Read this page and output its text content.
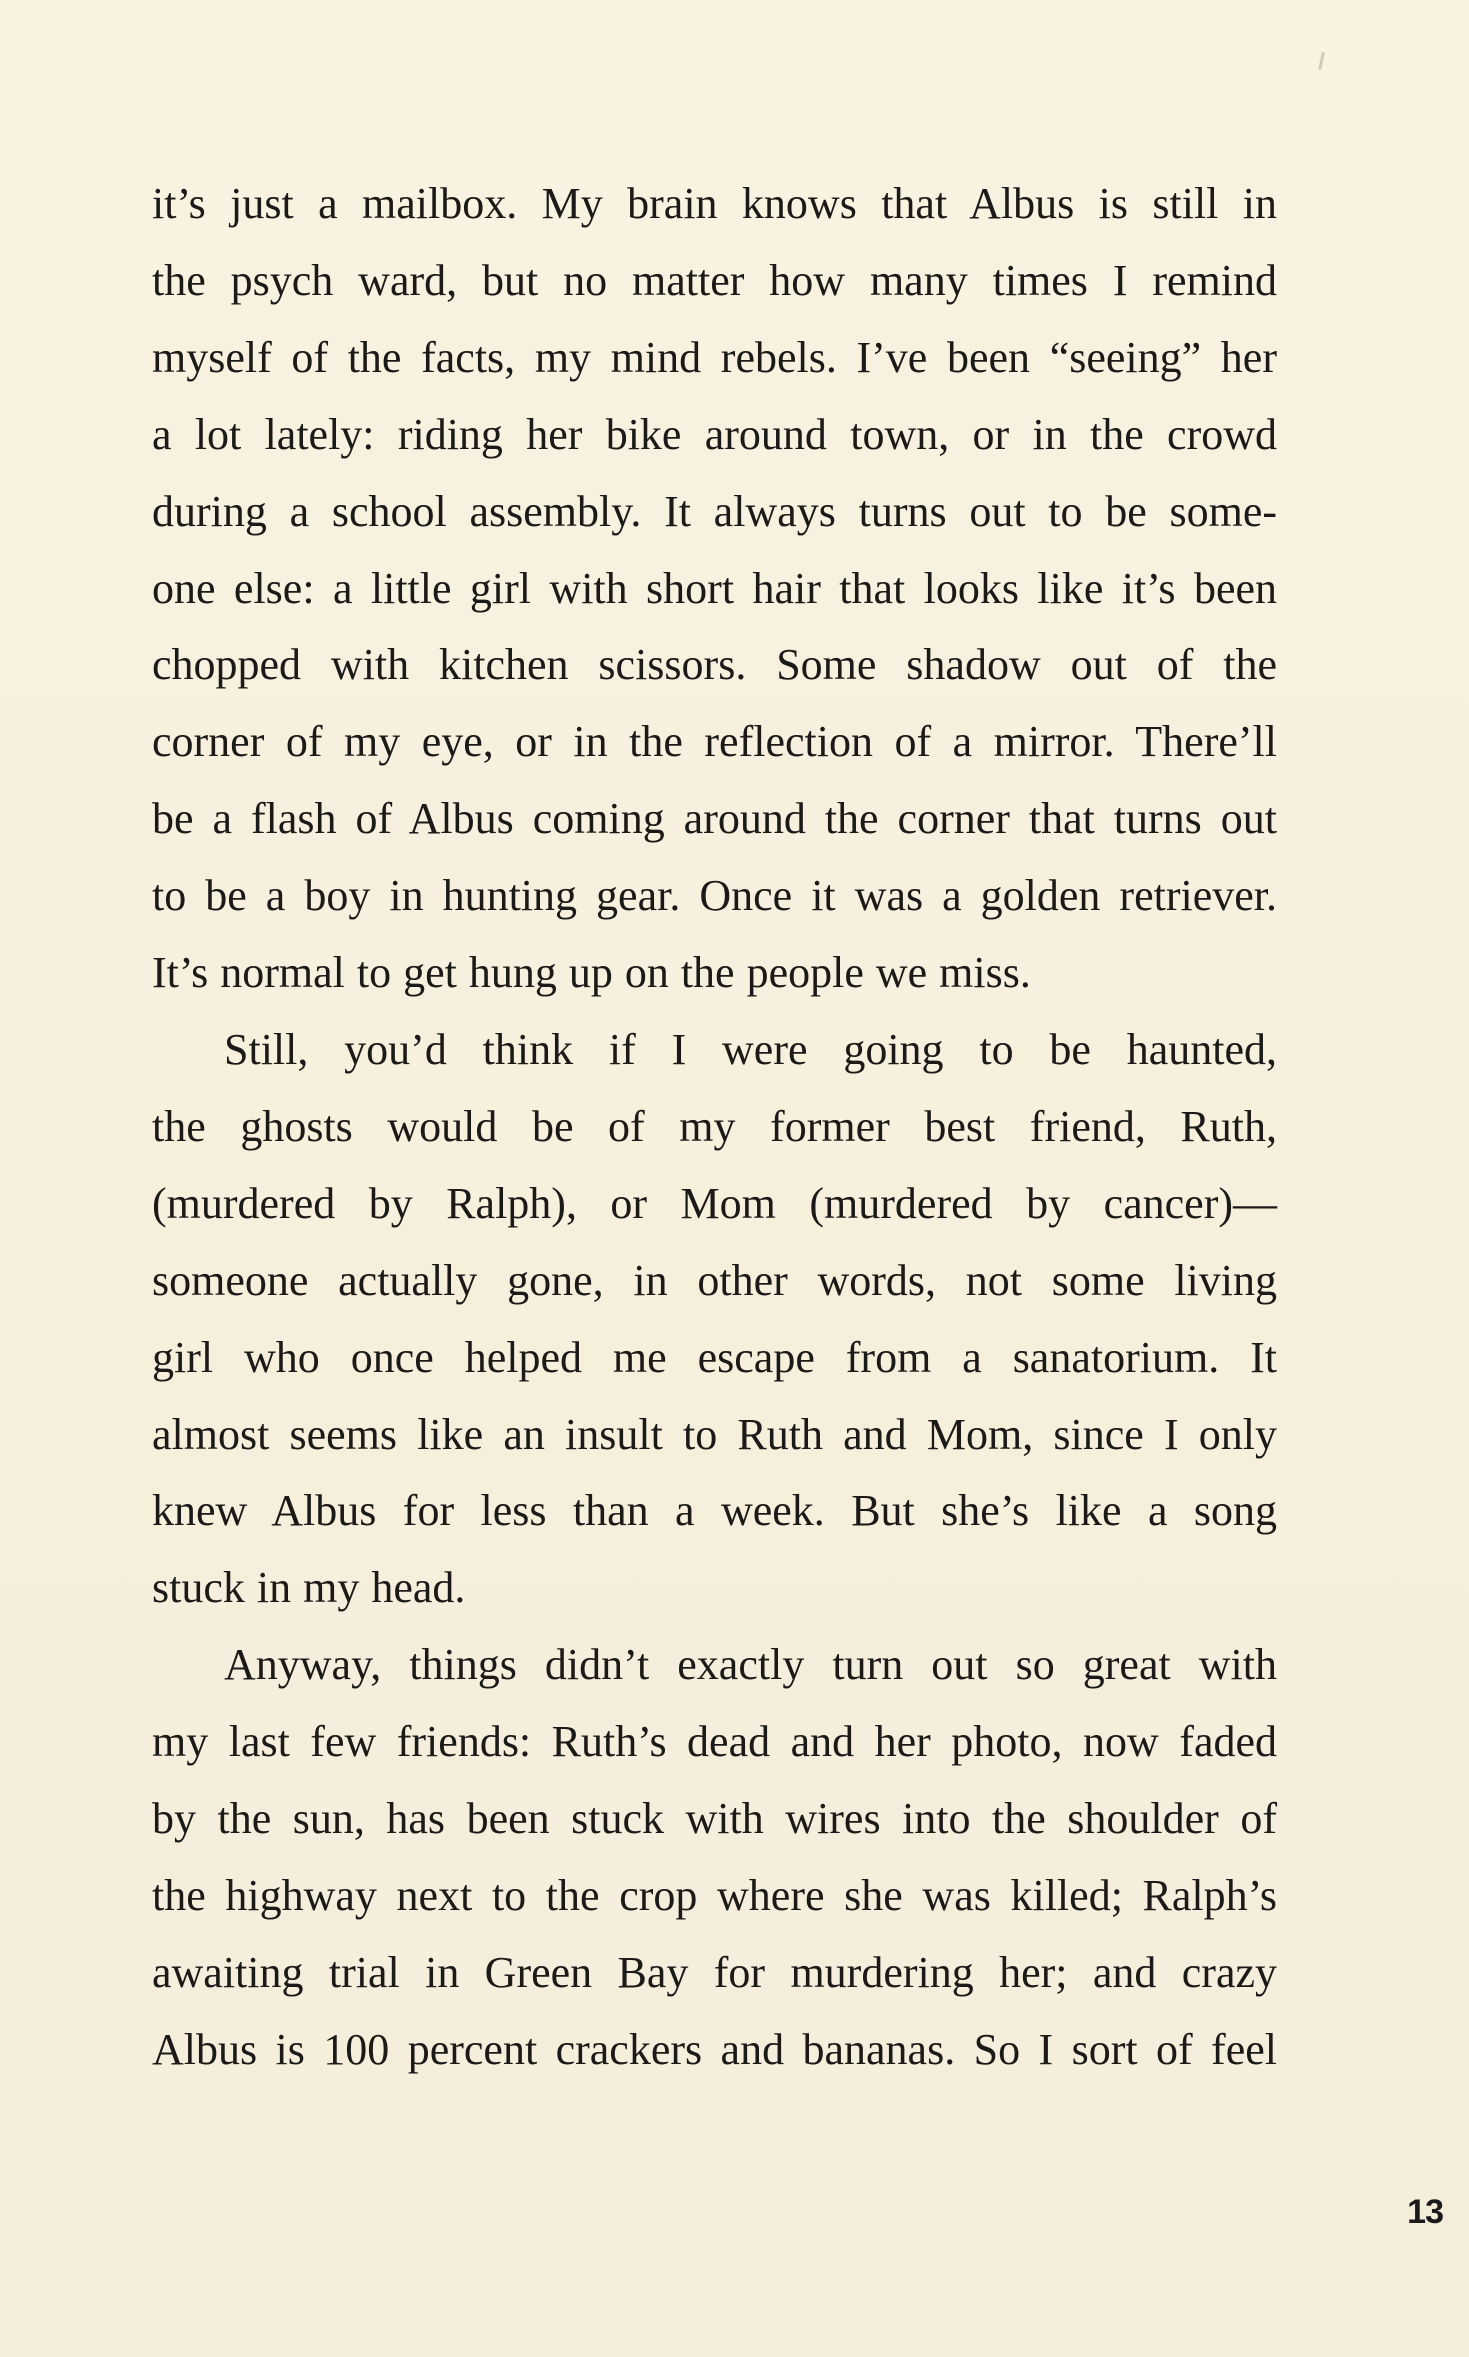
it’s just a mailbox. My brain knows that Albus is still in
the psych ward, but no matter how many times I remind
myself of the facts, my mind rebels. I’ve been “seeing” her
a lot lately: riding her bike around town, or in the crowd
during a school assembly. It always turns out to be some-
one else: a little girl with short hair that looks like it’s been
chopped with kitchen scissors. Some shadow out of the
corner of my eye, or in the reflection of a mirror. There’ll
be a flash of Albus coming around the corner that turns out
to be a boy in hunting gear. Once it was a golden retriever.
It’s normal to get hung up on the people we miss.
Still, you’d think if I were going to be haunted,
the ghosts would be of my former best friend, Ruth,
(murdered by Ralph), or Mom (murdered by cancer)—
someone actually gone, in other words, not some living
girl who once helped me escape from a sanatorium. It
almost seems like an insult to Ruth and Mom, since I only
knew Albus for less than a week. But she’s like a song
stuck in my head.
Anyway, things didn’t exactly turn out so great with
my last few friends: Ruth’s dead and her photo, now faded
by the sun, has been stuck with wires into the shoulder of
the highway next to the crop where she was killed; Ralph’s
awaiting trial in Green Bay for murdering her; and crazy
Albus is 100 percent crackers and bananas. So I sort of feel
13
